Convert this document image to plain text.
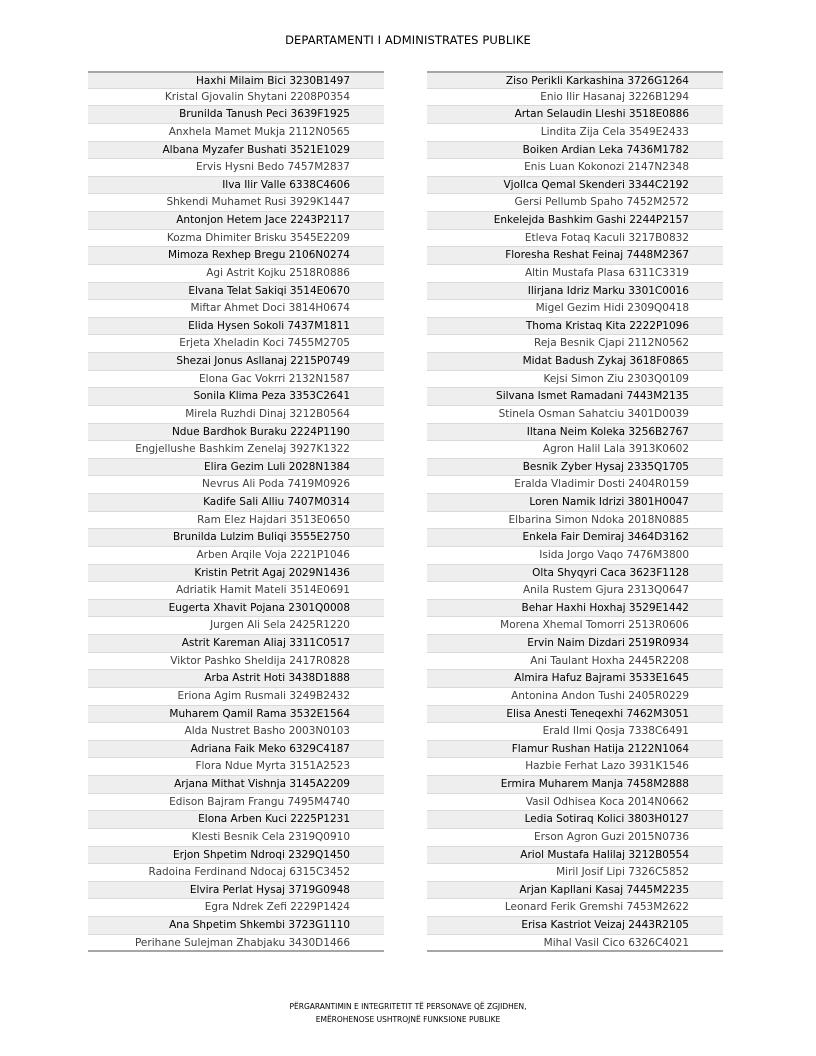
DEPARTAMENTI I ADMINISTRATES PUBLIKE
Haxhi Milaim Bici 3230B1497
Kristal Gjovalin Shytani 2208P0354
Brunilda Tanush Peci 3639F1925
Anxhela Mamet Mukja 2112N0565
Albana Myzafer Bushati 3521E1029
Ervis Hysni Bedo 7457M2837
Ilva Ilir Valle 6338C4606
Shkendi Muhamet Rusi 3929K1447
Antonjon Hetem Jace 2243P2117
Kozma Dhimiter Brisku 3545E2209
Mimoza Rexhep Bregu 2106N0274
Agi Astrit Kojku 2518R0886
Elvana Telat Sakiqi 3514E0670
Miftar Ahmet Doci 3814H0674
Elida Hysen Sokoli 7437M1811
Erjeta Xheladin Koci 7455M2705
Shezai Jonus Asllanaj 2215P0749
Elona Gac Vokrri 2132N1587
Sonila Klima Peza 3353C2641
Mirela Ruzhdi Dinaj 3212B0564
Ndue Bardhok Buraku 2224P1190
Engjellushe Bashkim Zenelaj 3927K1322
Elira Gezim Luli 2028N1384
Nevrus Ali Poda 7419M0926
Kadife Sali Alliu 7407M0314
Ram Elez Hajdari 3513E0650
Brunilda Lulzim Buliqi 3555E2750
Arben Arqile Voja 2221P1046
Kristin Petrit Agaj 2029N1436
Adriatik Hamit Mateli 3514E0691
Eugerta Xhavit Pojana 2301Q0008
Jurgen Ali Sela 2425R1220
Astrit Kareman Aliaj 3311C0517
Viktor Pashko Sheldija 2417R0828
Arba Astrit Hoti 3438D1888
Eriona Agim Rusmali 3249B2432
Muharem Qamil Rama 3532E1564
Alda Nustret Basho 2003N0103
Adriana Faik Meko 6329C4187
Flora Ndue Myrta 3151A2523
Arjana Mithat Vishnja 3145A2209
Edison Bajram Frangu 7495M4740
Elona Arben Kuci 2225P1231
Klesti Besnik Cela 2319Q0910
Erjon Shpetim Ndroqi 2329Q1450
Radoina Ferdinand Ndocaj 6315C3452
Elvira Perlat Hysaj 3719G0948
Egra Ndrek Zefi 2229P1424
Ana Shpetim Shkembi 3723G1110
Perihane Sulejman Zhabjaku 3430D1466
Ziso Perikli Karkashina 3726G1264
Enio Ilir Hasanaj 3226B1294
Artan Selaudin Lleshi 3518E0886
Lindita Zija Cela 3549E2433
Boiken Ardian Leka 7436M1782
Enis Luan Kokonozi 2147N2348
Vjollca Qemal Skenderi 3344C2192
Gersi Pellumb Spaho 7452M2572
Enkelejda Bashkim Gashi 2244P2157
Etleva Fotaq Kaculi 3217B0832
Floresha Reshat Feinaj 7448M2367
Altin Mustafa Plasa 6311C3319
Ilirjana Idriz Marku 3301C0016
Migel Gezim Hidi 2309Q0418
Thoma Kristaq Kita 2222P1096
Reja Besnik Cjapi 2112N0562
Midat Badush Zykaj 3618F0865
Kejsi Simon Ziu 2303Q0109
Silvana Ismet Ramadani 7443M2135
Stinela Osman Sahatciu 3401D0039
Iltana Neim Koleka 3256B2767
Agron Halil Lala 3913K0602
Besnik Zyber Hysaj 2335Q1705
Eralda Vladimir Dosti 2404R0159
Loren Namik Idrizi 3801H0047
Elbarina Simon Ndoka 2018N0885
Enkela Fair Demiraj 3464D3162
Isida Jorgo Vaqo 7476M3800
Olta Shyqyri Caca 3623F1128
Anila Rustem Gjura 2313Q0647
Behar Haxhi Hoxhaj 3529E1442
Morena Xhemal Tomorri 2513R0606
Ervin Naim Dizdari 2519R0934
Ani Taulant Hoxha 2445R2208
Almira Hafuz Bajrami 3533E1645
Antonina Andon Tushi 2405R0229
Elisa Anesti Teneqexhi 7462M3051
Erald Ilmi Qosja 7338C6491
Flamur Rushan Hatija 2122N1064
Hazbie Ferhat Lazo 3931K1546
Ermira Muharem Manja 7458M2888
Vasil Odhisea Koca 2014N0662
Ledia Sotiraq Kolici 3803H0127
Erson Agron Guzi 2015N0736
Ariol Mustafa Halilaj 3212B0554
Miril Josif Lipi 7326C5852
Arjan Kapllani Kasaj 7445M2235
Leonard Ferik Gremshi 7453M2622
Erisa Kastriot Veizaj 2443R2105
Mihal Vasil Cico 6326C4021
PËRGARANTIMIN E INTEGRITETIT TË PERSONAVE QË ZGJIDHEN,
EMËROHENOSE USHTROJNË FUNKSIONE PUBLIKE
